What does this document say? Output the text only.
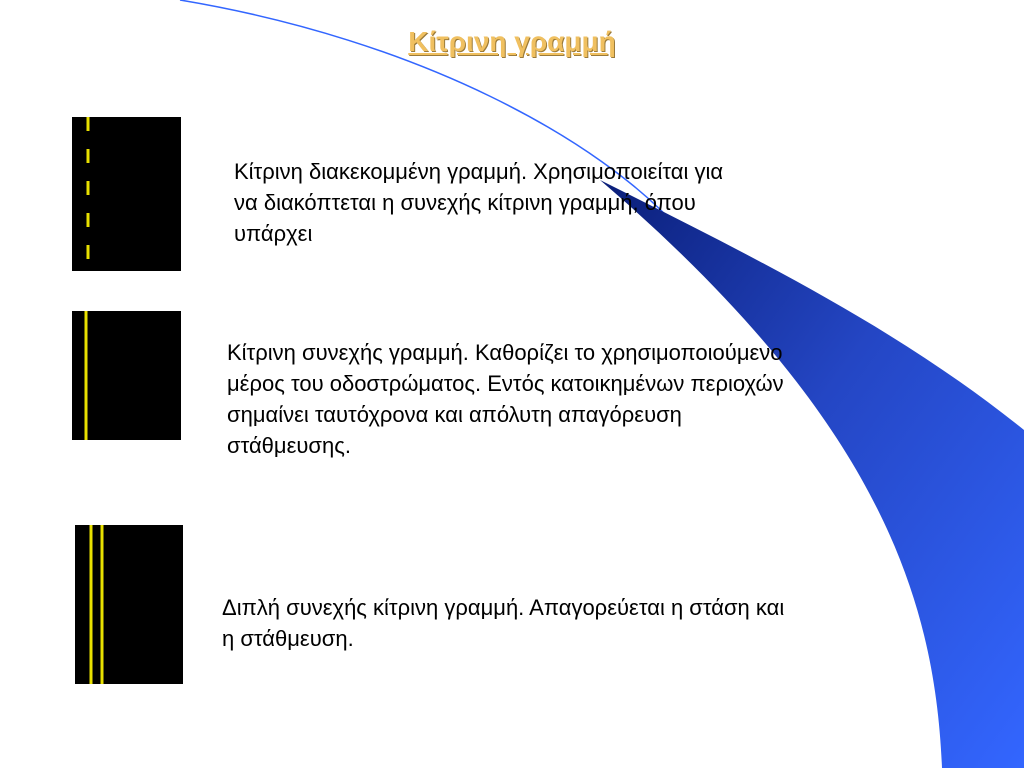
Κίτρινη γραμμή
Κίτρινη διακεκομμένη γραμμή. Χρησιμοποιείται για
να διακόπτεται η συνεχής κίτρινη γραμμή, όπου
υπάρχει
Κίτρινη συνεχής γραμμή. Καθορίζει το χρησιμοποιούμενο
μέρος του οδοστρώματος. Εντός κατοικημένων περιοχών
σημαίνει ταυτόχρονα και απόλυτη απαγόρευση
στάθμευσης.
Διπλή συνεχής κίτρινη γραμμή. Απαγορεύεται η στάση και
η στάθμευση.
